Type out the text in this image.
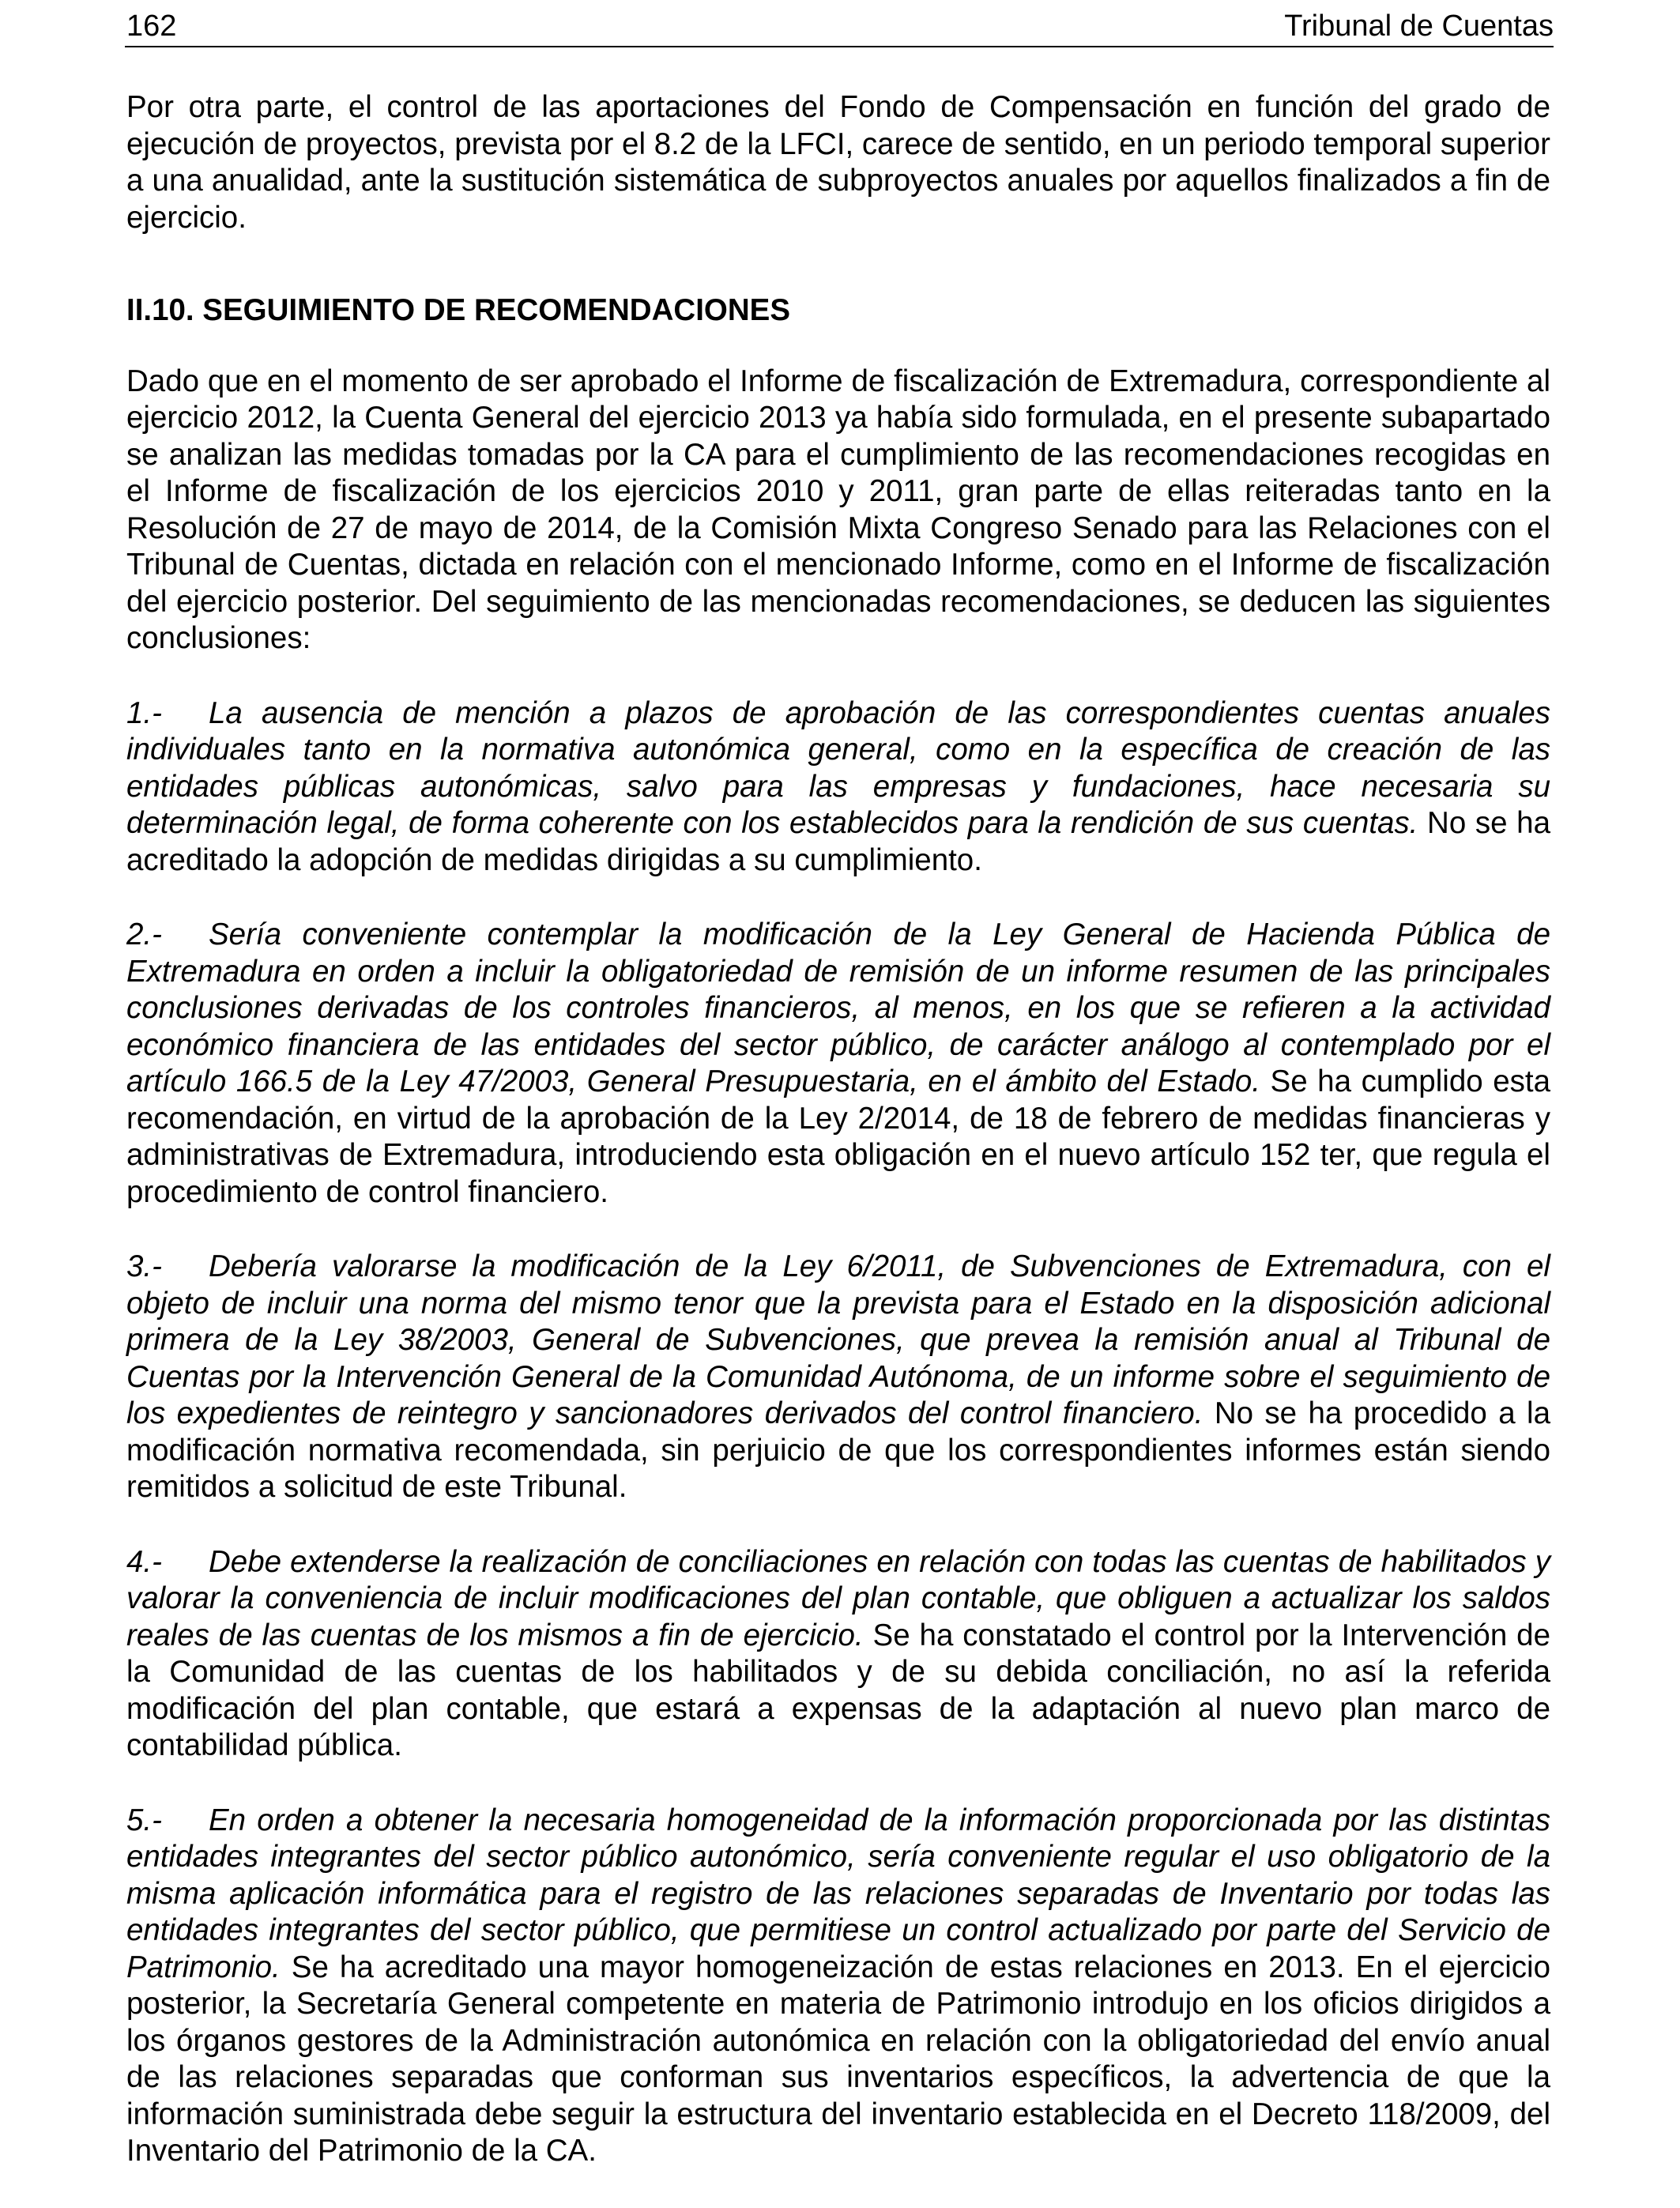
162	Tribunal de Cuentas

Por otra parte, el control de las aportaciones del Fondo de Compensación en función del grado de ejecución de proyectos, prevista por el 8.2 de la LFCI, carece de sentido, en un periodo temporal superior a una anualidad, ante la sustitución sistemática de subproyectos anuales por aquellos finalizados a fin de ejercicio.

II.10. SEGUIMIENTO DE RECOMENDACIONES

Dado que en el momento de ser aprobado el Informe de fiscalización de Extremadura, correspondiente al ejercicio 2012, la Cuenta General del ejercicio 2013 ya había sido formulada, en el presente subapartado se analizan las medidas tomadas por la CA para el cumplimiento de las recomendaciones recogidas en el Informe de fiscalización de los ejercicios 2010 y 2011, gran parte de ellas reiteradas tanto en la Resolución de 27 de mayo de 2014, de la Comisión Mixta Congreso Senado para las Relaciones con el Tribunal de Cuentas, dictada en relación con el mencionado Informe, como en el Informe de fiscalización del ejercicio posterior. Del seguimiento de las mencionadas recomendaciones, se deducen las siguientes conclusiones:

1.- La ausencia de mención a plazos de aprobación de las correspondientes cuentas anuales individuales tanto en la normativa autonómica general, como en la específica de creación de las entidades públicas autonómicas, salvo para las empresas y fundaciones, hace necesaria su determinación legal, de forma coherente con los establecidos para la rendición de sus cuentas. No se ha acreditado la adopción de medidas dirigidas a su cumplimiento.

2.- Sería conveniente contemplar la modificación de la Ley General de Hacienda Pública de Extremadura en orden a incluir la obligatoriedad de remisión de un informe resumen de las principales conclusiones derivadas de los controles financieros, al menos, en los que se refieren a la actividad económico financiera de las entidades del sector público, de carácter análogo al contemplado por el artículo 166.5 de la Ley 47/2003, General Presupuestaria, en el ámbito del Estado. Se ha cumplido esta recomendación, en virtud de la aprobación de la Ley 2/2014, de 18 de febrero de medidas financieras y administrativas de Extremadura, introduciendo esta obligación en el nuevo artículo 152 ter, que regula el procedimiento de control financiero.

3.- Debería valorarse la modificación de la Ley 6/2011, de Subvenciones de Extremadura, con el objeto de incluir una norma del mismo tenor que la prevista para el Estado en la disposición adicional primera de la Ley 38/2003, General de Subvenciones, que prevea la remisión anual al Tribunal de Cuentas por la Intervención General de la Comunidad Autónoma, de un informe sobre el seguimiento de los expedientes de reintegro y sancionadores derivados del control financiero. No se ha procedido a la modificación normativa recomendada, sin perjuicio de que los correspondientes informes están siendo remitidos a solicitud de este Tribunal.

4.- Debe extenderse la realización de conciliaciones en relación con todas las cuentas de habilitados y valorar la conveniencia de incluir modificaciones del plan contable, que obliguen a actualizar los saldos reales de las cuentas de los mismos a fin de ejercicio. Se ha constatado el control por la Intervención de la Comunidad de las cuentas de los habilitados y de su debida conciliación, no así la referida modificación del plan contable, que estará a expensas de la adaptación al nuevo plan marco de contabilidad pública.

5.- En orden a obtener la necesaria homogeneidad de la información proporcionada por las distintas entidades integrantes del sector público autonómico, sería conveniente regular el uso obligatorio de la misma aplicación informática para el registro de las relaciones separadas de Inventario por todas las entidades integrantes del sector público, que permitiese un control actualizado por parte del Servicio de Patrimonio. Se ha acreditado una mayor homogeneización de estas relaciones en 2013. En el ejercicio posterior, la Secretaría General competente en materia de Patrimonio introdujo en los oficios dirigidos a los órganos gestores de la Administración autonómica en relación con la obligatoriedad del envío anual de las relaciones separadas que conforman sus inventarios específicos, la advertencia de que la información suministrada debe seguir la estructura del inventario establecida en el Decreto 118/2009, del Inventario del Patrimonio de la CA.
